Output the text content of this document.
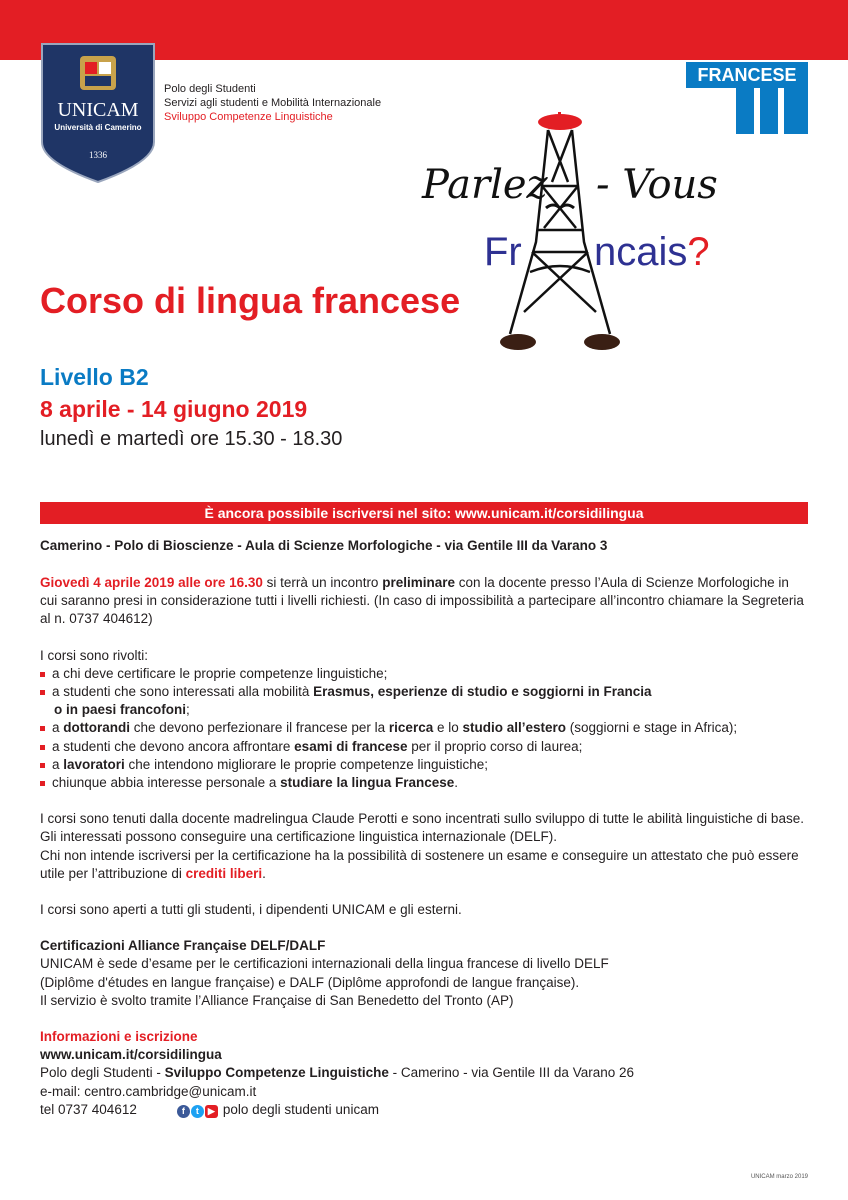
UNICAM
Università di Camerino
1336
Polo degli Studenti
Servizi agli studenti e Mobilità Internazionale
Sviluppo Competenze Linguistiche
FRANCESE
Parlez - Vous
Fr ncais?
Corso di lingua francese
Livello B2
8 aprile - 14 giugno 2019
lunedì e martedì ore 15.30 - 18.30
È ancora possibile iscriversi nel sito: www.unicam.it/corsidilingua
Camerino - Polo di Bioscienze - Aula di Scienze Morfologiche - via Gentile III da Varano 3

Giovedì 4 aprile 2019 alle ore 16.30 si terrà un incontro preliminare con la docente presso l’Aula di Scienze Morfologiche in cui saranno presi in considerazione tutti i livelli richiesti. (In caso di impossibilità a partecipare all’incontro chiamare la Segreteria al n. 0737 404612)

I corsi sono rivolti:

a chi deve certificare le proprie competenze linguistiche;
a studenti che sono interessati alla mobilità Erasmus, esperienze di studio e soggiorni in Francia
o in paesi francofoni;
a dottorandi che devono perfezionare il francese per la ricerca e lo studio all’estero (soggiorni e stage in Africa);
a studenti che devono ancora affrontare esami di francese per il proprio corso di laurea;
a lavoratori che intendono migliorare le proprie competenze linguistiche;
chiunque abbia interesse personale a studiare la lingua Francese.

I corsi sono tenuti dalla docente madrelingua Claude Perotti e sono incentrati sullo sviluppo di tutte le abilità linguistiche di base.

Gli interessati possono conseguire una certificazione linguistica internazionale (DELF).

Chi non intende iscriversi per la certificazione ha la possibilità di sostenere un esame e conseguire un attestato che può essere utile per l’attribuzione di crediti liberi.

I corsi sono aperti a tutti gli studenti, i dipendenti UNICAM e gli esterni.

Certificazioni Alliance Française DELF/DALF

UNICAM è sede d’esame per le certificazioni internazionali della lingua francese di livello DELF

(Diplôme d'études en langue française) e DALF (Diplôme approfondi de langue française).

Il servizio è svolto tramite l’Alliance Française di San Benedetto del Tronto (AP)

Informazioni e iscrizione

www.unicam.it/corsidilingua

Polo degli Studenti - Sviluppo Competenze Linguistiche - Camerino - via Gentile III da Varano 26

e-mail: centro.cambridge@unicam.it

tel 0737 404612	f t ▶ polo degli studenti unicam

UNICAM marzo 2019
